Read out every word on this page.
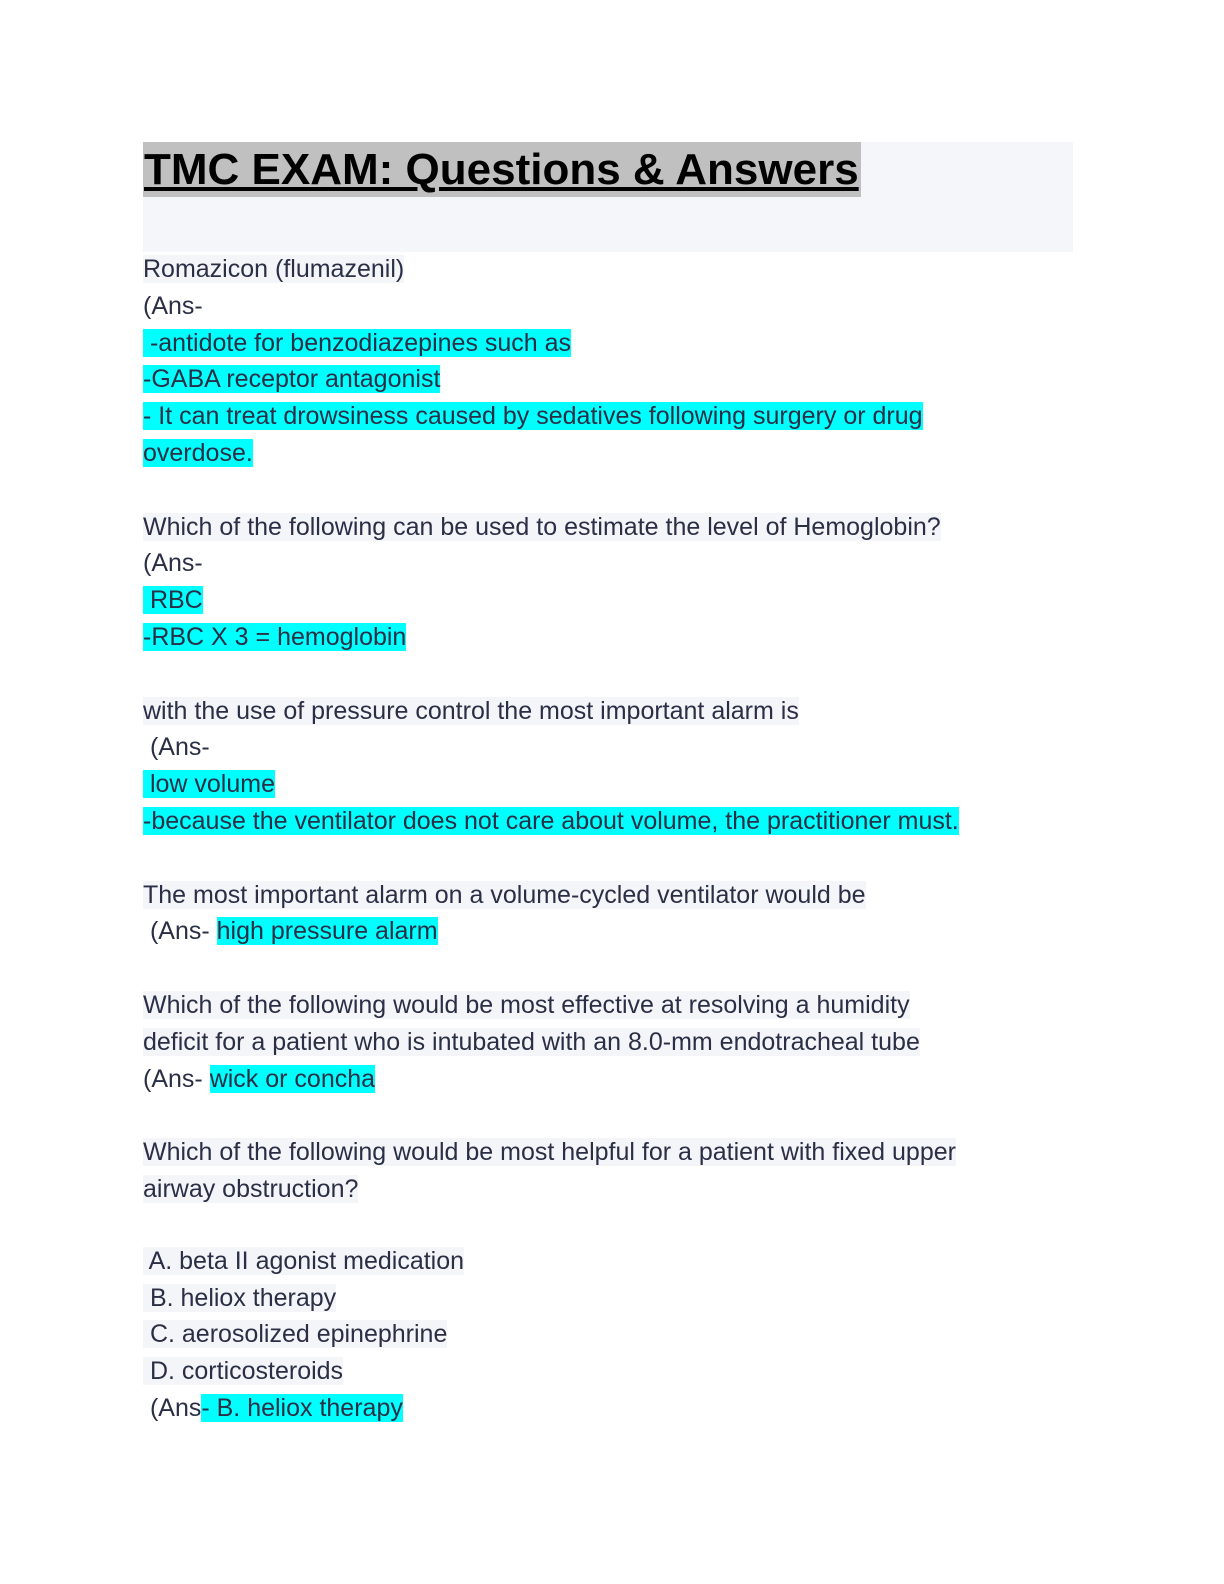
TMC EXAM: Questions & Answers
Romazicon (flumazenil)
(Ans-
-antidote for benzodiazepines such as
-GABA receptor antagonist
- It can treat drowsiness caused by sedatives following surgery or drug
overdose.
Which of the following can be used to estimate the level of Hemoglobin?
(Ans-
RBC
-RBC X 3 = hemoglobin
with the use of pressure control the most important alarm is
(Ans-
low volume
-because the ventilator does not care about volume, the practitioner must.
The most important alarm on a volume-cycled ventilator would be
(Ans- high pressure alarm
Which of the following would be most effective at resolving a humidity
deficit for a patient who is intubated with an 8.0-mm endotracheal tube
(Ans- wick or concha
Which of the following would be most helpful for a patient with fixed upper
airway obstruction?
A. beta II agonist medication
B. heliox therapy
C. aerosolized epinephrine
D. corticosteroids
(Ans- B. heliox therapy
